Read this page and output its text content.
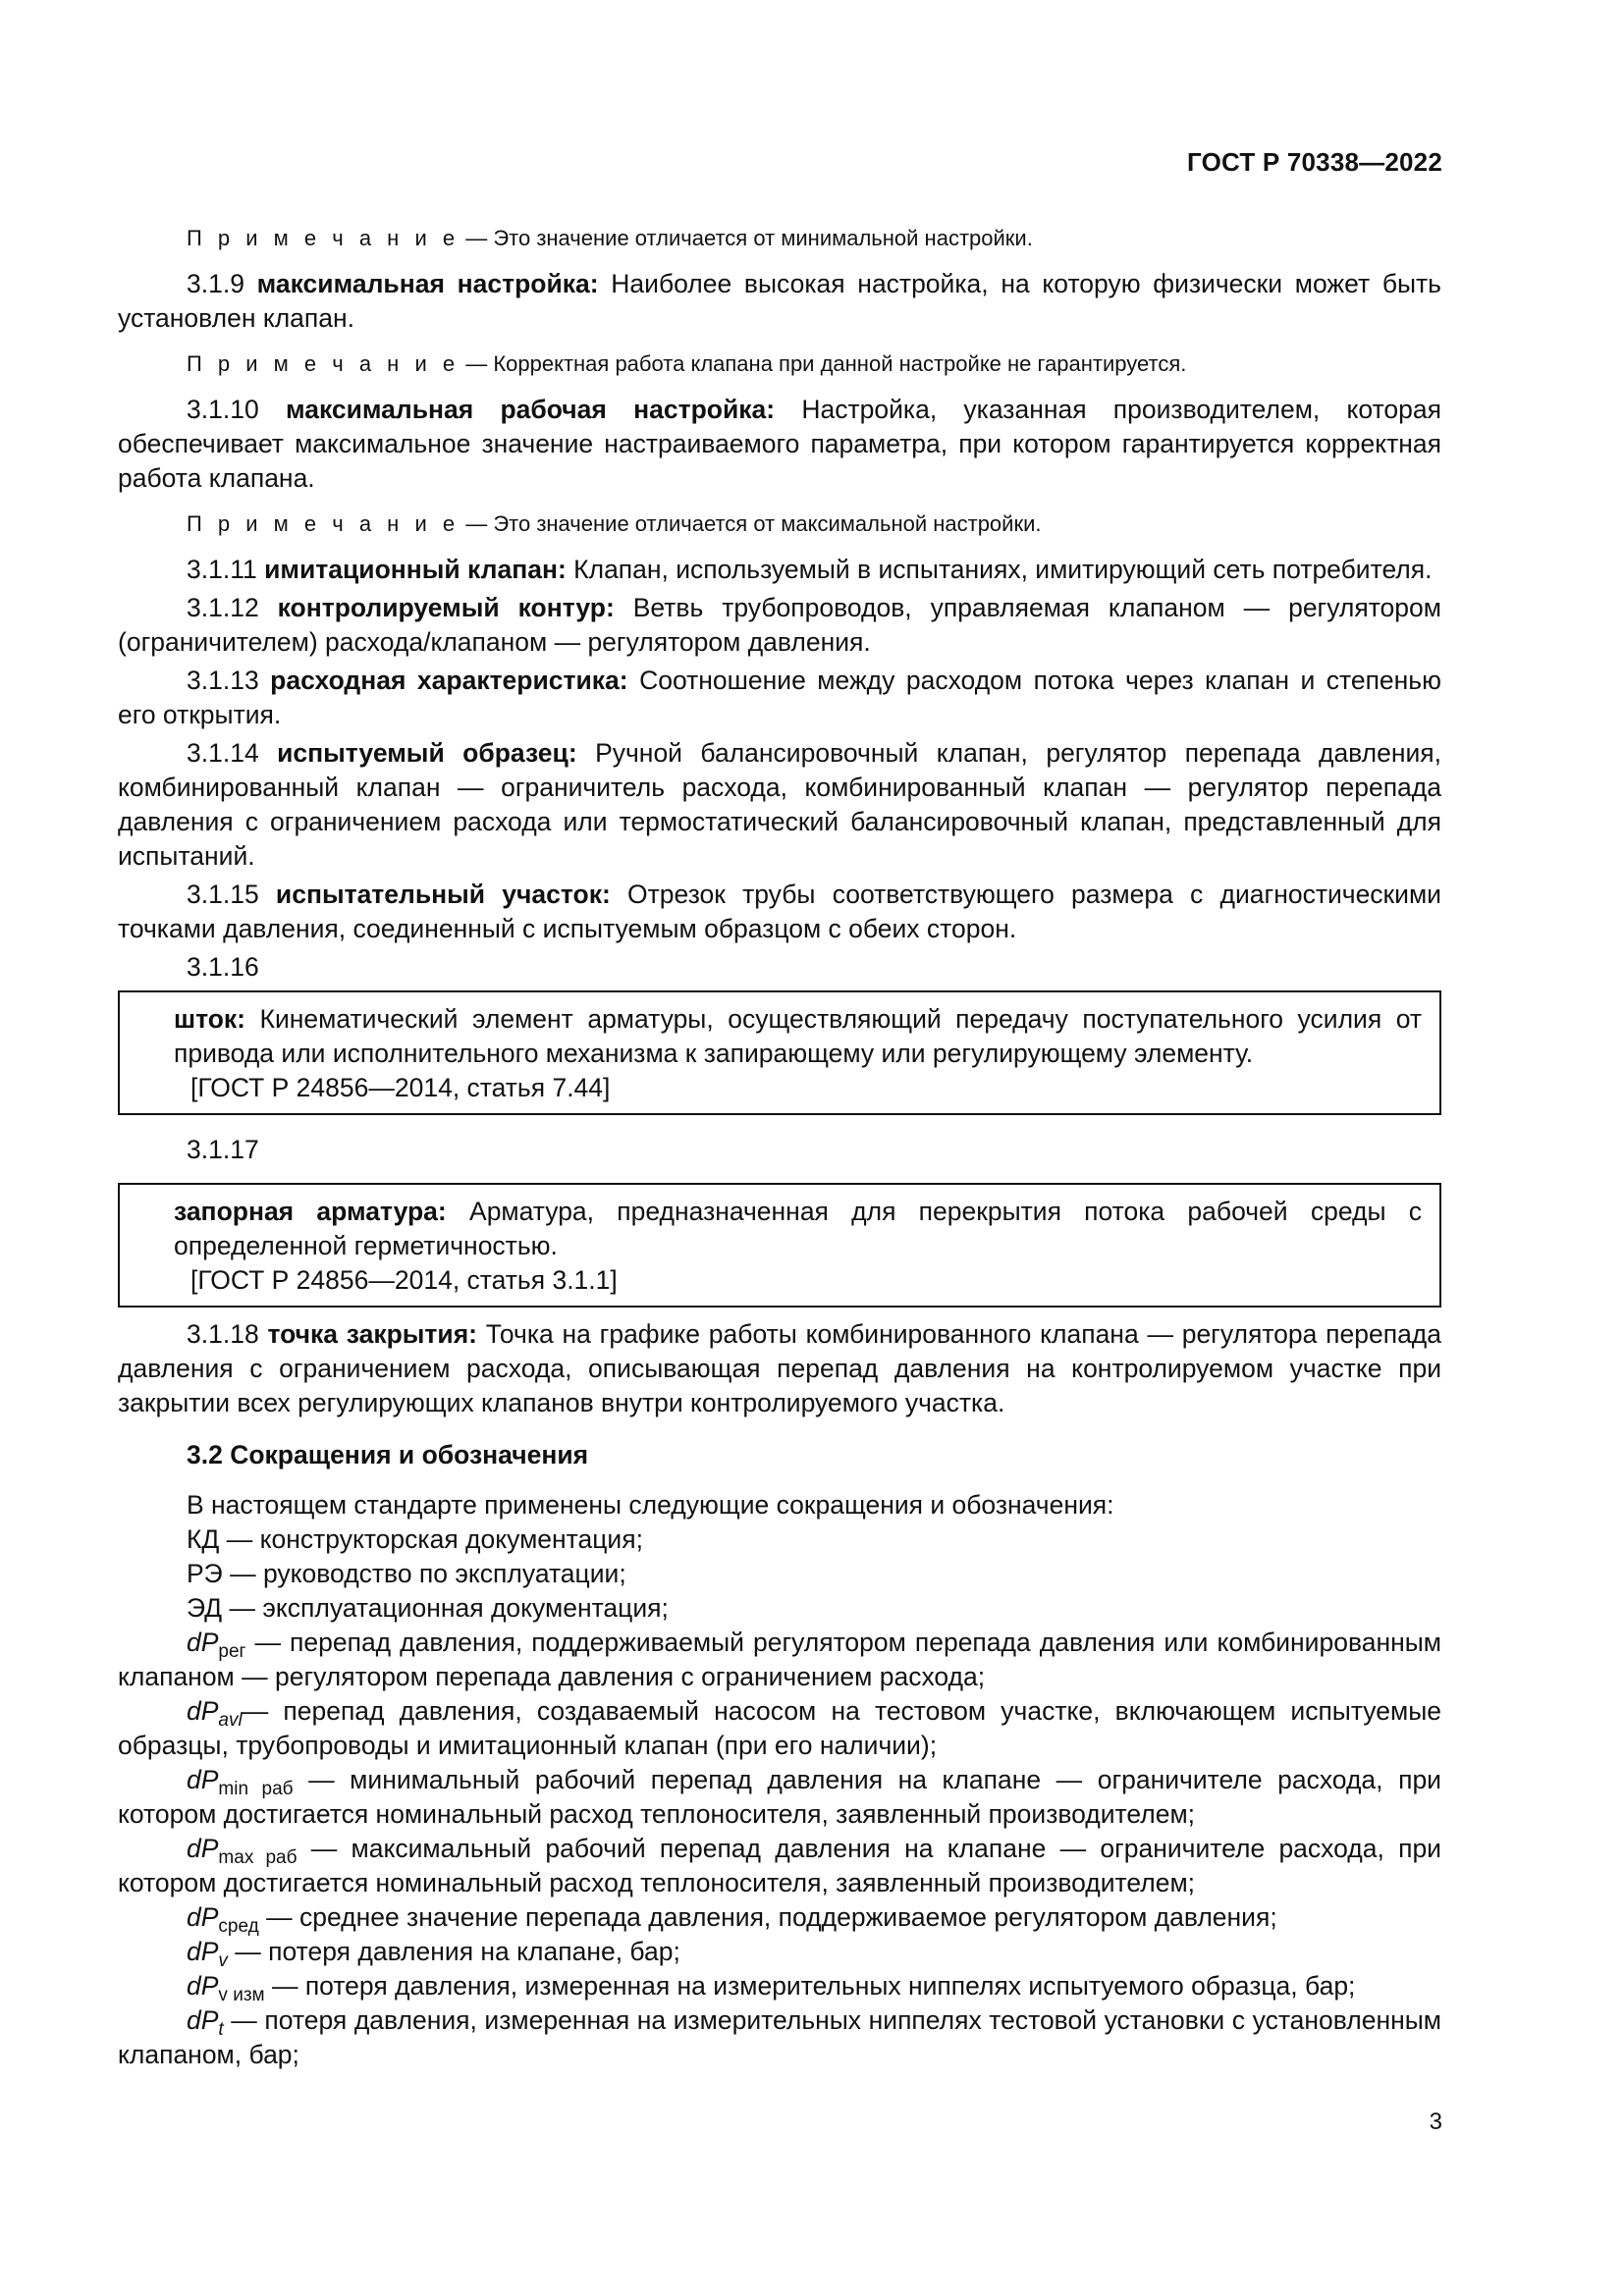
ГОСТ Р 70338—2022

П р и м е ч а н и е — Это значение отличается от минимальной настройки.

3.1.9 максимальная настройка: Наиболее высокая настройка, на которую физически может быть установлен клапан.

П р и м е ч а н и е — Корректная работа клапана при данной настройке не гарантируется.

3.1.10 максимальная рабочая настройка: Настройка, указанная производителем, которая обеспечивает максимальное значение настраиваемого параметра, при котором гарантируется корректная работа клапана.

П р и м е ч а н и е — Это значение отличается от максимальной настройки.

3.1.11 имитационный клапан: Клапан, используемый в испытаниях, имитирующий сеть потребителя.

3.1.12 контролируемый контур: Ветвь трубопроводов, управляемая клапаном — регулятором (ограничителем) расхода/клапаном — регулятором давления.

3.1.13 расходная характеристика: Соотношение между расходом потока через клапан и степенью его открытия.

3.1.14 испытуемый образец: Ручной балансировочный клапан, регулятор перепада давления, комбинированный клапан — ограничитель расхода, комбинированный клапан — регулятор перепада давления с ограничением расхода или термостатический балансировочный клапан, представленный для испытаний.

3.1.15 испытательный участок: Отрезок трубы соответствующего размера с диагностическими точками давления, соединенный с испытуемым образцом с обеих сторон.

3.1.16

шток: Кинематический элемент арматуры, осуществляющий передачу поступательного усилия от привода или исполнительного механизма к запирающему или регулирующему элементу.

[ГОСТ Р 24856—2014, статья 7.44]

3.1.17

запорная арматура: Арматура, предназначенная для перекрытия потока рабочей среды с определенной герметичностью.

[ГОСТ Р 24856—2014, статья 3.1.1]

3.1.18 точка закрытия: Точка на графике работы комбинированного клапана — регулятора перепада давления с ограничением расхода, описывающая перепад давления на контролируемом участке при закрытии всех регулирующих клапанов внутри контролируемого участка.

3.2 Сокращения и обозначения

В настоящем стандарте применены следующие сокращения и обозначения:

КД — конструкторская документация;

РЭ — руководство по эксплуатации;

ЭД — эксплуатационная документация;

$dP_{рег}$ — перепад давления, поддерживаемый регулятором перепада давления или комбинированным клапаном — регулятором перепада давления с ограничением расхода;

$dP_{avl}—$ перепад давления, создаваемый насосом на тестовом участке, включающем испытуемые образцы, трубопроводы и имитационный клапан (при его наличии);

$dP_{min раб}$ — минимальный рабочий перепад давления на клапане — ограничителе расхода, при котором достигается номинальный расход теплоносителя, заявленный производителем;

$dP_{max раб}$ — максимальный рабочий перепад давления на клапане — ограничителе расхода, при котором достигается номинальный расход теплоносителя, заявленный производителем;

$dP_{сред}$ — среднее значение перепада давления, поддерживаемое регулятором давления;

$dP_v$ — потеря давления на клапане, бар;

$dP_{v изм}$ — потеря давления, измеренная на измерительных ниппелях испытуемого образца, бар;

$dP_t$ — потеря давления, измеренная на измерительных ниппелях тестовой установки с установленным клапаном, бар;

3
